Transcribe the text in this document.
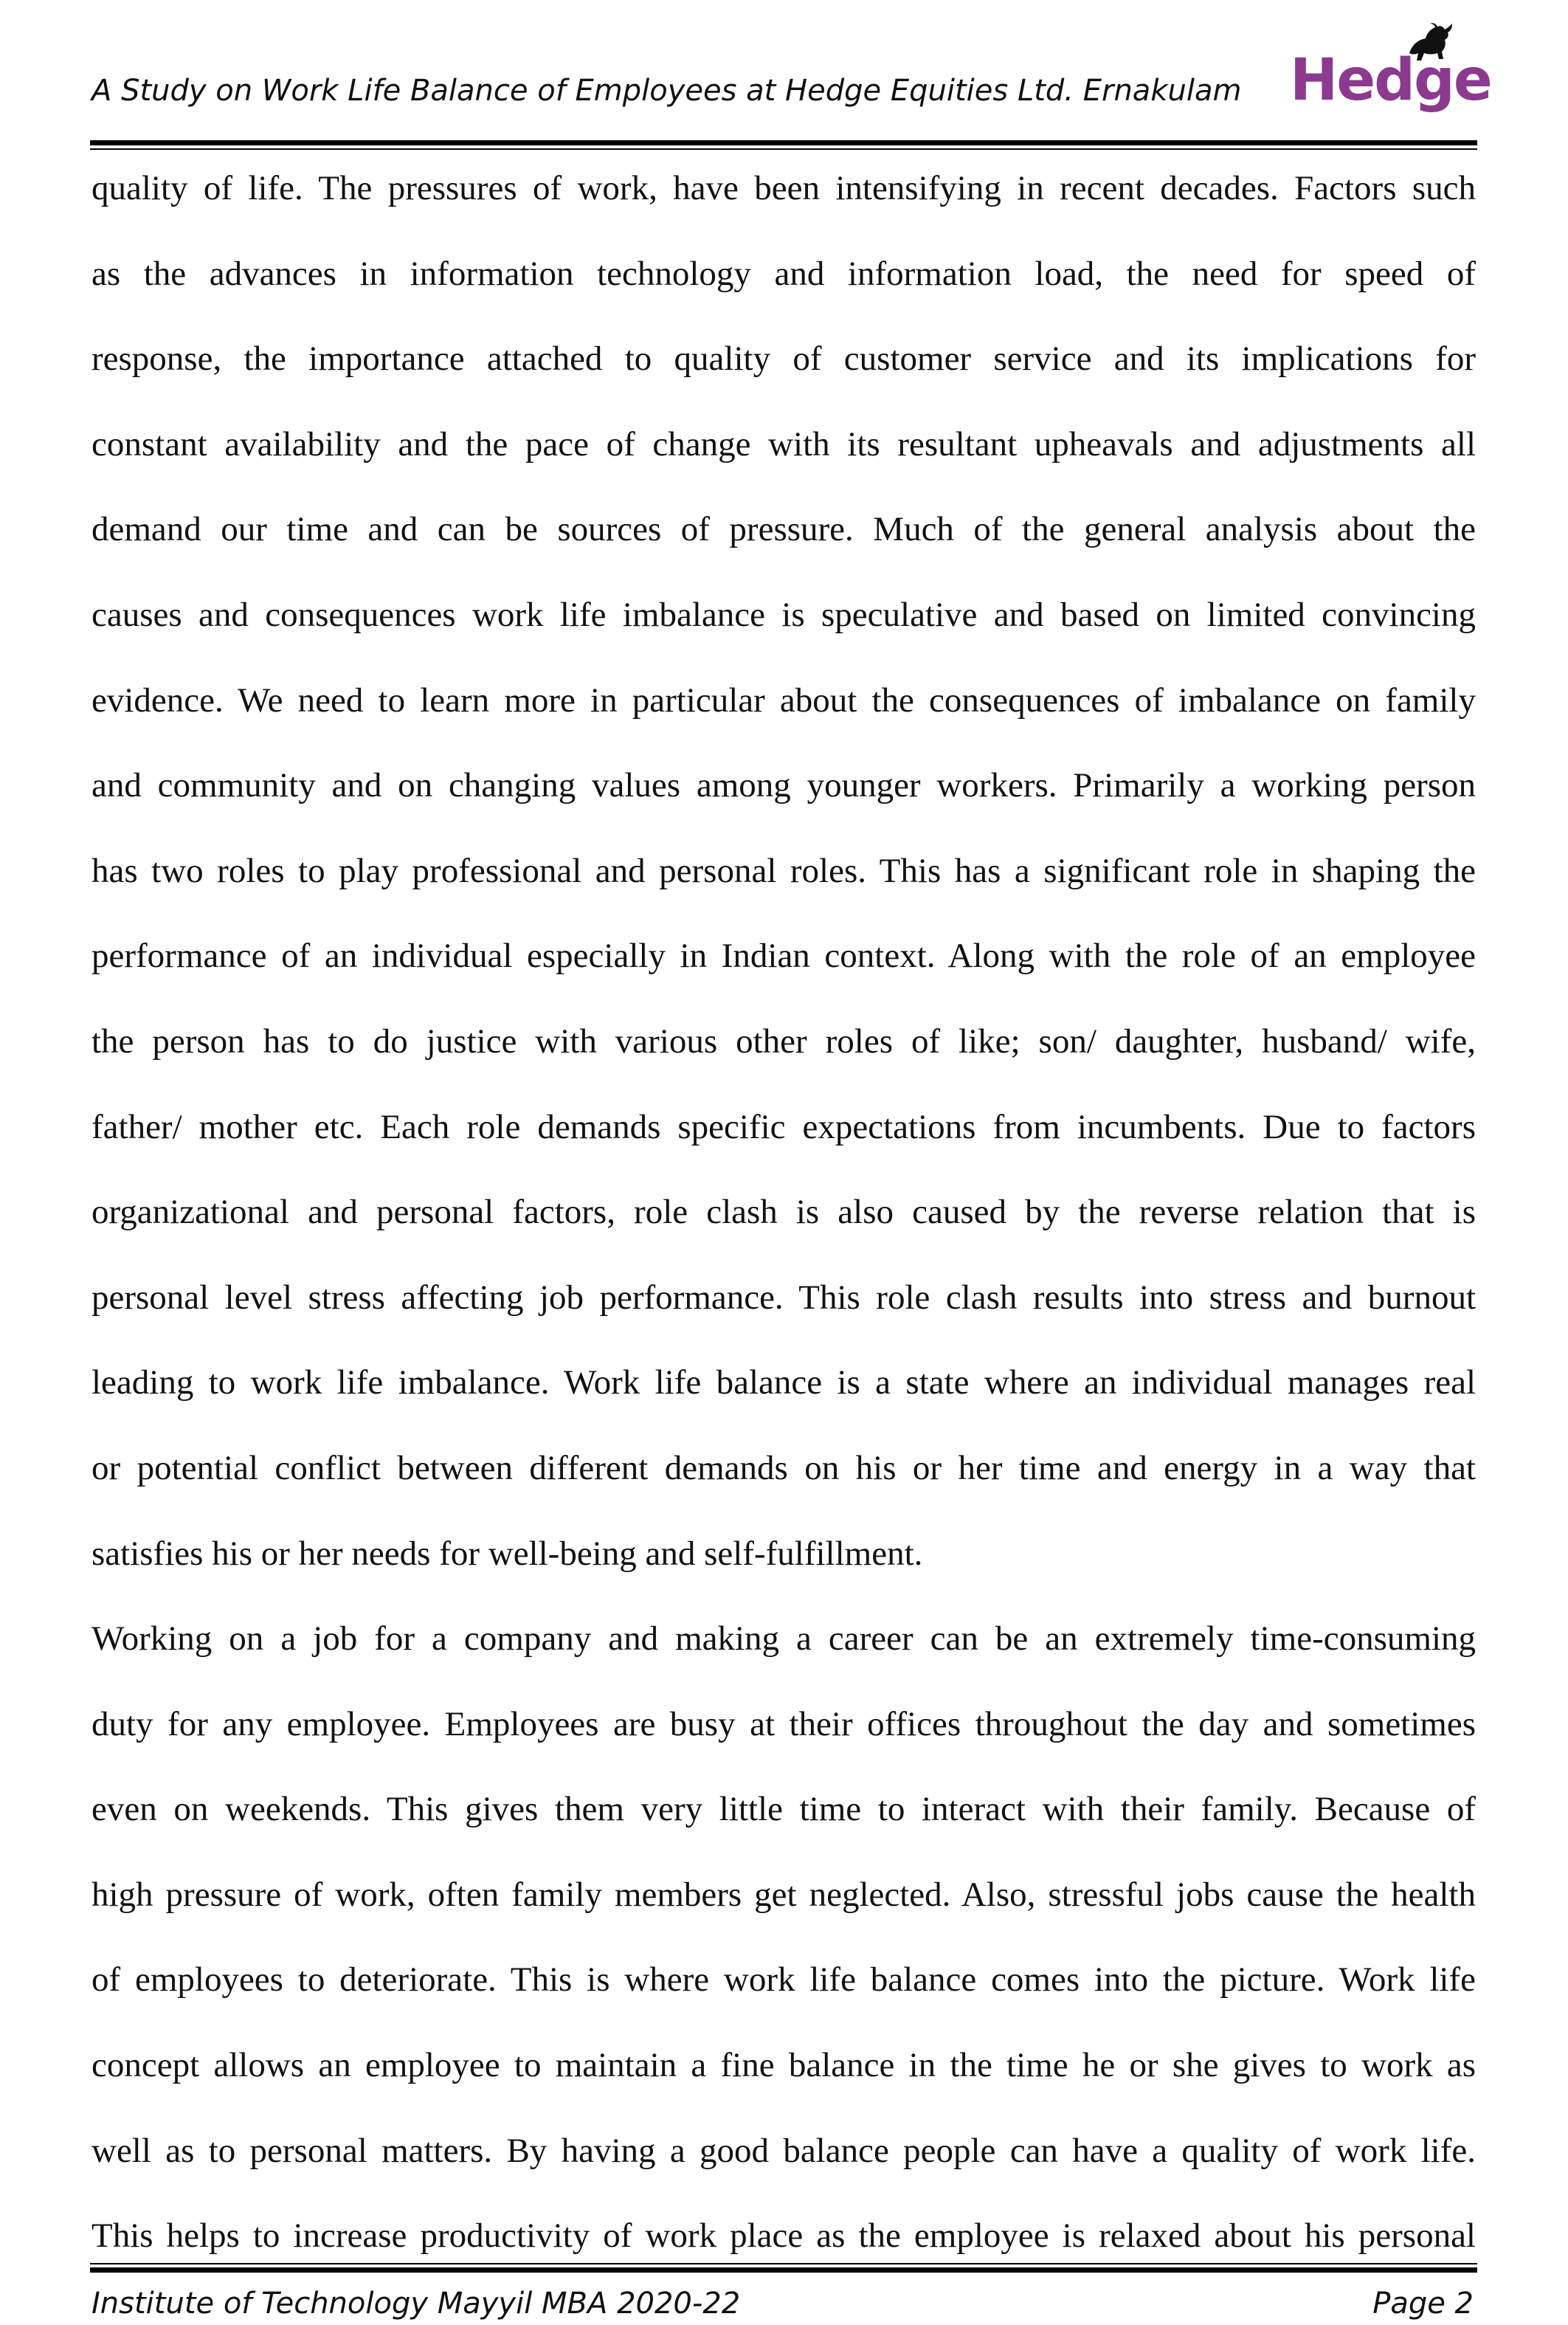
A Study on Work Life Balance of Employees at Hedge Equities Ltd. Ernakulam Hedge
quality of life. The pressures of work, have been intensifying in recent decades. Factors such
as the advances in information technology and information load, the need for speed of
response, the importance attached to quality of customer service and its implications for
constant availability and the pace of change with its resultant upheavals and adjustments all
demand our time and can be sources of pressure. Much of the general analysis about the
causes and consequences work life imbalance is speculative and based on limited convincing
evidence. We need to learn more in particular about the consequences of imbalance on family
and community and on changing values among younger workers. Primarily a working person
has two roles to play professional and personal roles. This has a significant role in shaping the
performance of an individual especially in Indian context. Along with the role of an employee
the person has to do justice with various other roles of like; son/ daughter, husband/ wife,
father/ mother etc. Each role demands specific expectations from incumbents. Due to factors
organizational and personal factors, role clash is also caused by the reverse relation that is
personal level stress affecting job performance. This role clash results into stress and burnout
leading to work life imbalance. Work life balance is a state where an individual manages real
or potential conflict between different demands on his or her time and energy in a way that
satisfies his or her needs for well-being and self-fulfillment.
Working on a job for a company and making a career can be an extremely time-consuming
duty for any employee. Employees are busy at their offices throughout the day and sometimes
even on weekends. This gives them very little time to interact with their family. Because of
high pressure of work, often family members get neglected. Also, stressful jobs cause the health
of employees to deteriorate. This is where work life balance comes into the picture. Work life
concept allows an employee to maintain a fine balance in the time he or she gives to work as
well as to personal matters. By having a good balance people can have a quality of work life.
This helps to increase productivity of work place as the employee is relaxed about his personal
Institute of Technology Mayyil MBA 2020-22	Page 2
